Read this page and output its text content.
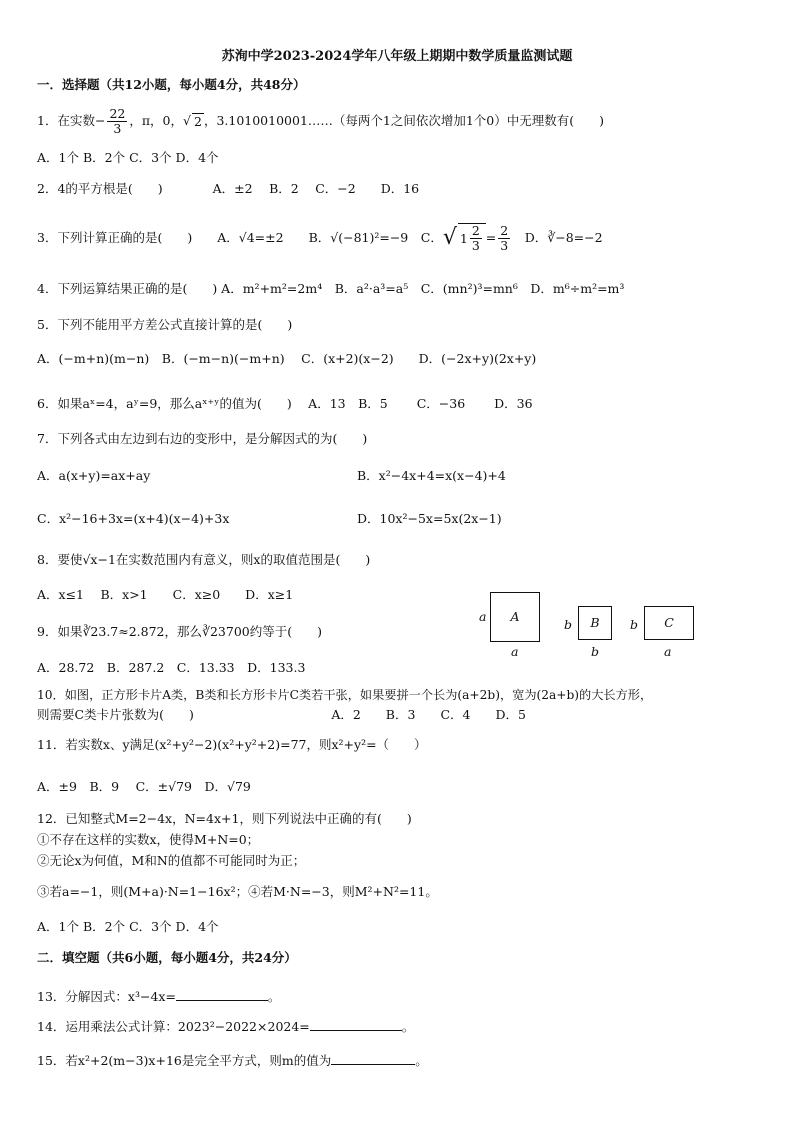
苏洵中学2023-2024学年八年级上期期中数学质量监测试题
一．选择题（共12小题，每小题4分，共48分）
1．在实数 − $\frac{22}{3}$ ，π，0， √ 2 ，3.1010010001……（每两个1之间依次增加1个0）中无理数有(　　)
A．1个 B．2个 C．3个 D．4个
2．4的平方根是(　　)　　　　A．±2　 B．2　 C．−2　　D．16
3．下列计算正确的是(　　)　　A． √4 =±2 　　B． √(−81)² =−9 　C． √ $1 \frac{2}{3} = \frac{2}{3}$ 　D． ∛−8 =−2
4．下列运算结果正确的是(　　) A．m²+m²=2m⁴　B．a²·a³=a⁵　C．(mn²)³=mn⁶　D．m⁶÷m²=m³
5．下列不能用平方差公式直接计算的是(　　)
A．(−m+n)(m−n)　B．(−m−n)(−m+n)　 C．(x+2)(x−2)　　D．(−2x+y)(2x+y)
6．如果aˣ=4，aʸ=9，那么aˣ⁺ʸ的值为(　　)　 A．13　B．5　　 C．−36　　 D．36
7．下列各式由左边到右边的变形中，是分解因式的为(　　)
A．a(x+y)=ax+ay	B．x²−4x+4=x(x−4)+4
C．x²−16+3x=(x+4)(x−4)+3x	D．10x²−5x=5x(2x−1)
8．要使√x−1在实数范围内有意义，则x的取值范围是(　　)
A．x≤1　 B．x>1　　C．x≥0　　D．x≥1
a	A
a
b	B
b
b	C
a
9．如果∛23.7≈2.872，那么∛23700约等于(　　)
A．28.72　B．287.2　C．13.33　D．133.3
10．如图，正方形卡片A类，B类和长方形卡片C类若干张，如果要拼一个长为(a+2b)，宽为(2a+b)的大长方形，
则需要C类卡片张数为(　　)　　　　　　　　　　　A．2　　B．3　　C．4　　D．5
11．若实数x、y满足(x²+y²−2)(x²+y²+2)=77，则x²+y²=（　　）
A．±9　B．9　 C．±√79　D．√79
12．已知整式M=2−4x，N=4x+1，则下列说法中正确的有(　　)
①不存在这样的实数x，使得M+N=0；
②无论x为何值，M和N的值都不可能同时为正；
③若a=−1，则(M+a)·N=1−16x²；④若M·N=−3，则M²+N²=11。
A．1个 B．2个 C．3个 D．4个
二．填空题（共6小题，每小题4分，共24分）
13．分解因式：x³−4x=	。
14．运用乘法公式计算：2023²−2022×2024=	。
15．若x²+2(m−3)x+16是完全平方式，则m的值为	。
